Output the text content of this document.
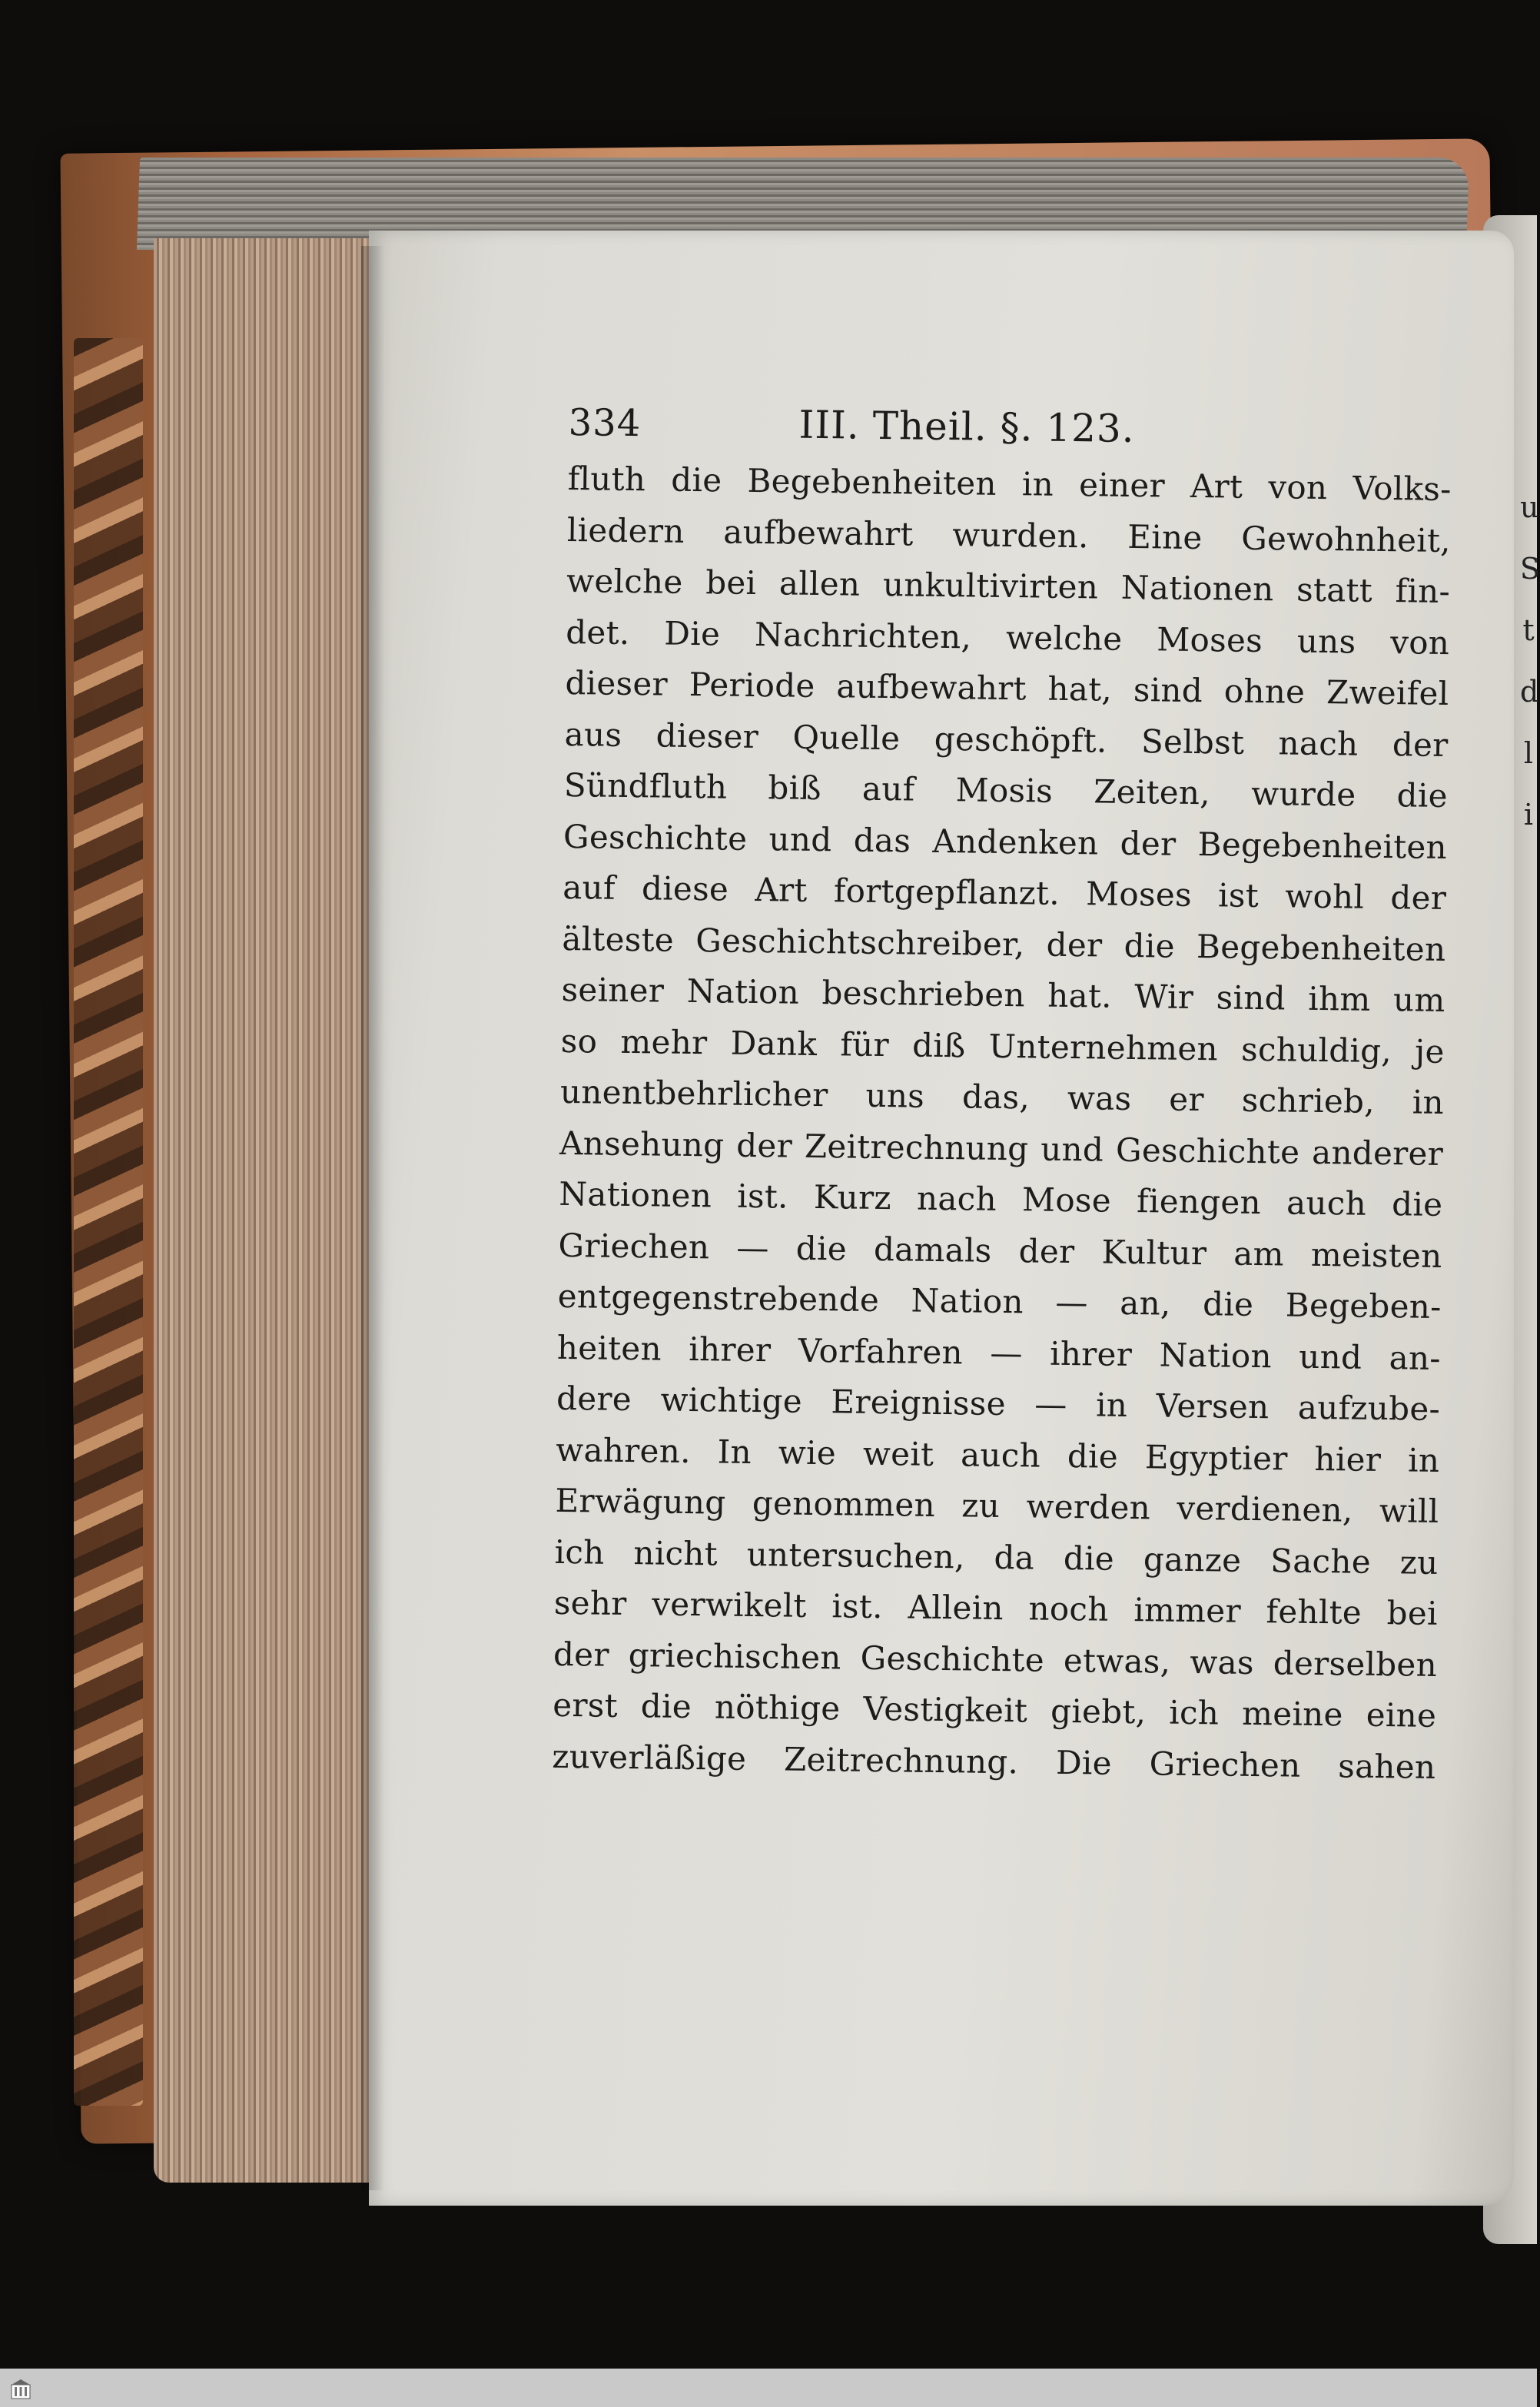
u
S
t
d
l
i
334	III. Theil. §. 123.
fluth die Begebenheiten in einer Art von Volks-
liedern aufbewahrt wurden. Eine Gewohnheit,
welche bei allen unkultivirten Nationen statt fin-
det. Die Nachrichten, welche Moses uns von
dieser Periode aufbewahrt hat, sind ohne Zweifel
aus dieser Quelle geschöpft. Selbst nach der
Sündfluth biß auf Mosis Zeiten, wurde die
Geschichte und das Andenken der Begebenheiten
auf diese Art fortgepflanzt. Moses ist wohl der
älteste Geschichtschreiber, der die Begebenheiten
seiner Nation beschrieben hat. Wir sind ihm um
so mehr Dank für diß Unternehmen schuldig, je
unentbehrlicher uns das, was er schrieb, in
Ansehung der Zeitrechnung und Geschichte anderer
Nationen ist. Kurz nach Mose fiengen auch die
Griechen — die damals der Kultur am meisten
entgegenstrebende Nation — an, die Begeben-
heiten ihrer Vorfahren — ihrer Nation und an-
dere wichtige Ereignisse — in Versen aufzube-
wahren. In wie weit auch die Egyptier hier in
Erwägung genommen zu werden verdienen, will
ich nicht untersuchen, da die ganze Sache zu
sehr verwikelt ist. Allein noch immer fehlte bei
der griechischen Geschichte etwas, was derselben
erst die nöthige Vestigkeit giebt, ich meine eine
zuverläßige Zeitrechnung. Die Griechen sahen
